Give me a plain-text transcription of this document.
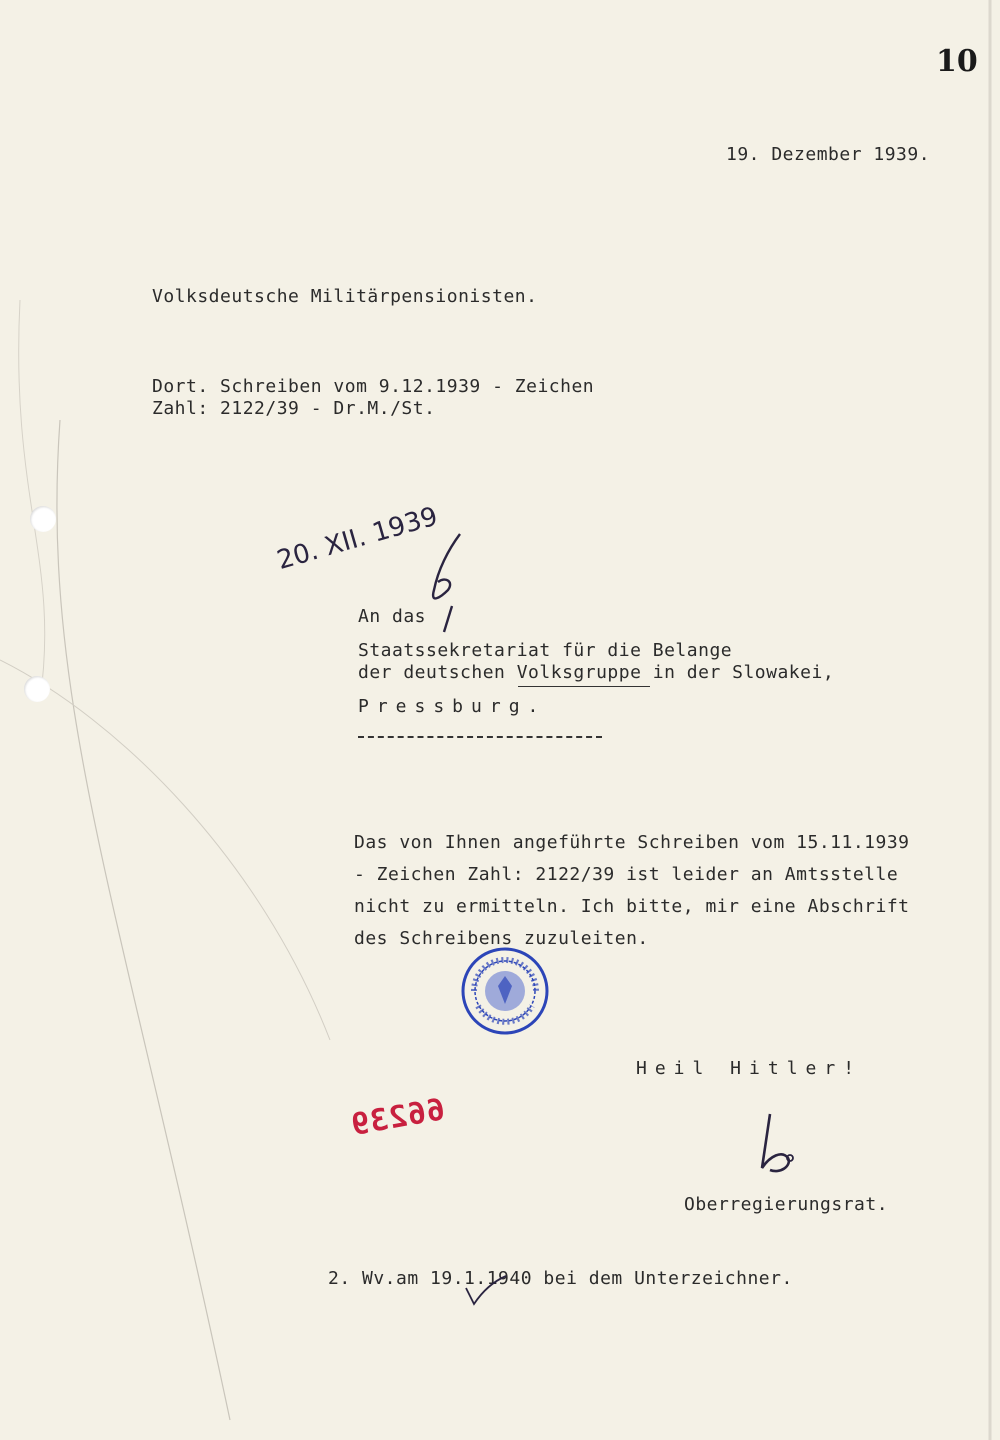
10
19. Dezember 1939.
Volksdeutsche Militärpensionisten.
Dort. Schreiben vom 9.12.1939 - Zeichen
Zahl: 2122/39 - Dr.M./St.
20. XII. 1939
An das
Staatssekretariat für die Belange
der deutschen Volksgruppe in der Slowakei,
Pressburg.
Das von Ihnen angeführte Schreiben vom 15.11.1939
- Zeichen Zahl: 2122/39 ist leider an Amtsstelle
nicht zu ermitteln. Ich bitte, mir eine Abschrift
des Schreibens zuzuleiten.
Heil Hitler!
66239
Oberregierungsrat.
2. Wv.am 19.1.1940 bei dem Unterzeichner.
